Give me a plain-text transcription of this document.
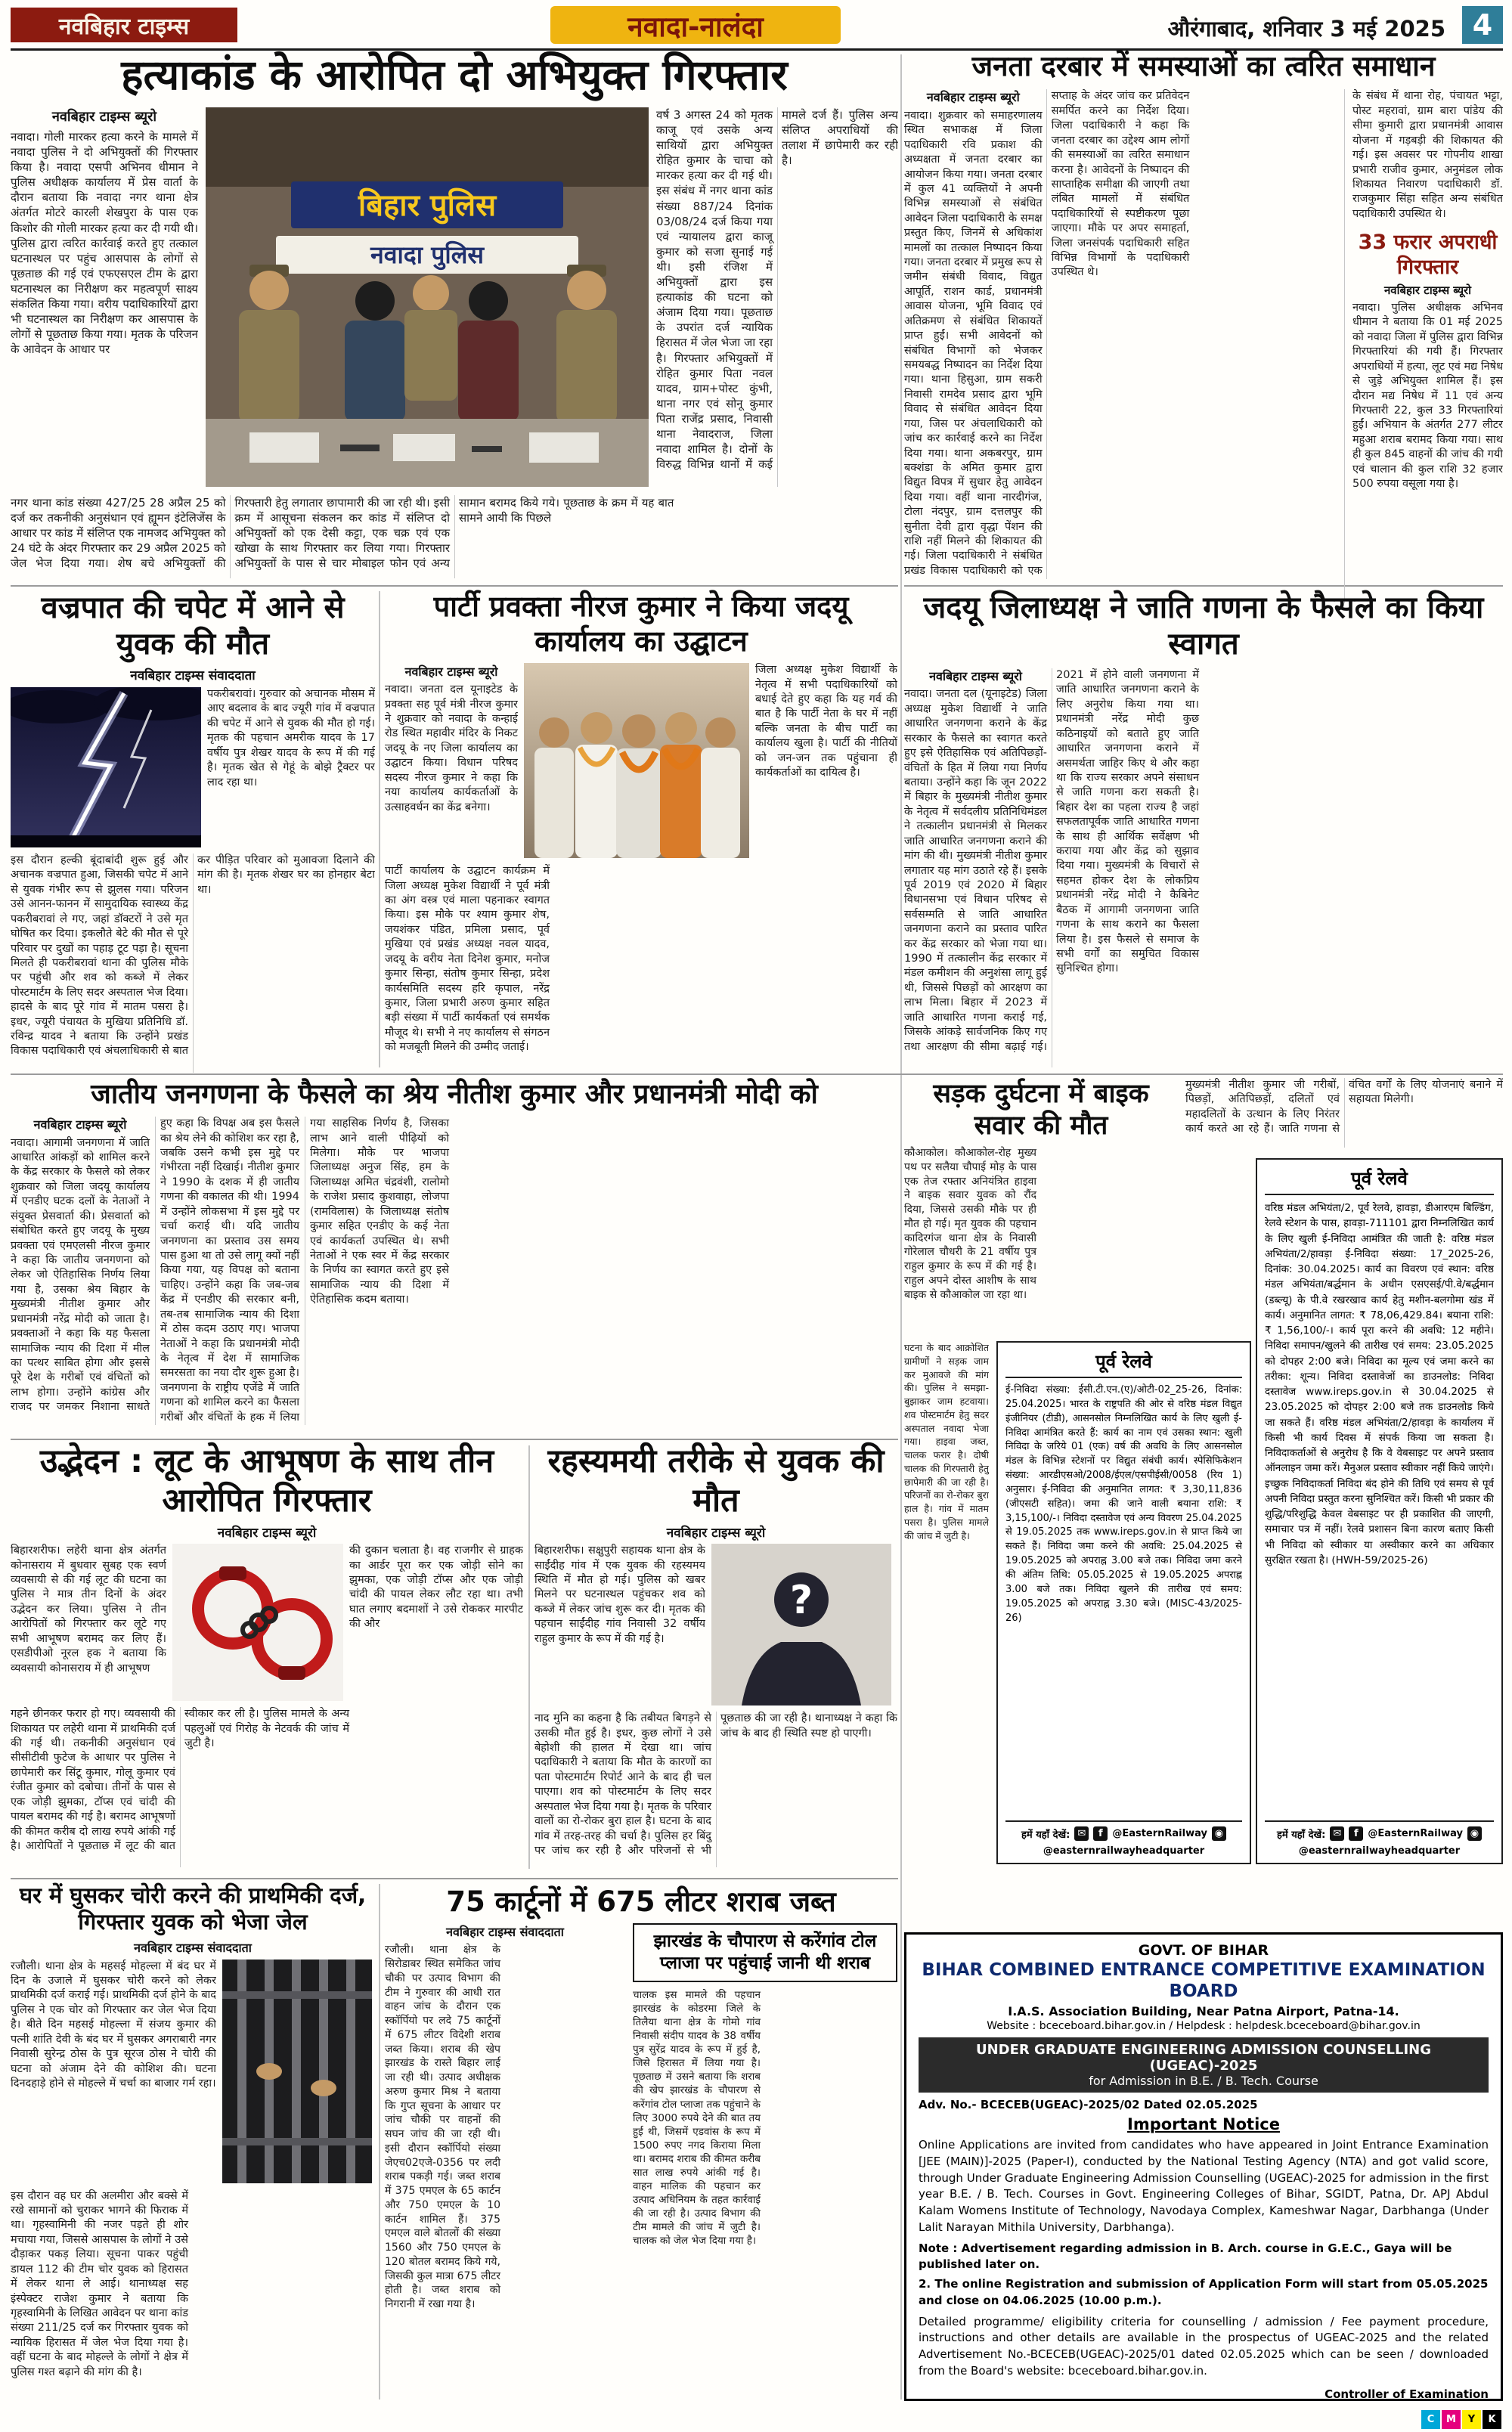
नवबिहार टाइम्स	नवादा-नालंदा	औरंगाबाद, शनिवार 3 मई 2025 4
हत्याकांड के आरोपित दो अभियुक्त गिरफ्तार
नवबिहार टाइम्स ब्यूरो
नवादा। गोली मारकर हत्या करने के मामले में नवादा पुलिस ने दो अभियुक्तों की गिरफ्तार किया है। नवादा एसपी अभिनव धीमान ने पुलिस अधीक्षक कार्यालय में प्रेस वार्ता के दौरान बताया कि नवादा नगर थाना क्षेत्र अंतर्गत मोटरे कारली शेखपुरा के पास एक किशोर की गोली मारकर हत्या कर दी गयी थी। पुलिस द्वारा त्वरित कार्रवाई करते हुए तत्काल घटनास्थल पर पहुंच आसपास के लोगों से पूछताछ की गई एवं एफएसएल टीम के द्वारा घटनास्थल का निरीक्षण कर महत्वपूर्ण साक्ष्य संकलित किया गया। वरीय पदाधिकारियों द्वारा भी घटनास्थल का निरीक्षण कर आसपास के लोगों से पूछताछ किया गया। मृतक के परिजन के आवेदन के आधार पर
बिहार पुलिस
नवादा पुलिस
वर्ष 3 अगस्त 24 को मृतक काजू एवं उसके अन्य साथियों द्वारा अभियुक्त रोहित कुमार के चाचा को मारकर हत्या कर दी गई थी। इस संबंध में नगर थाना कांड संख्या 887/24 दिनांक 03/08/24 दर्ज किया गया एवं न्यायालय द्वारा काजू कुमार को सजा सुनाई गई थी। इसी रंजिश में अभियुक्तों द्वारा इस हत्याकांड की घटना को अंजाम दिया गया। पूछताछ के उपरांत दर्ज न्यायिक हिरासत में जेल भेजा जा रहा है। गिरफ्तार अभियुक्तों में रोहित कुमार पिता नवल यादव, ग्राम+पोस्ट कुंभी, थाना नगर एवं सोनू कुमार पिता राजेंद्र प्रसाद, निवासी थाना नेवादराज, जिला नवादा शामिल है। दोनों के विरुद्ध विभिन्न थानों में कई मामले दर्ज हैं। पुलिस अन्य संलिप्त अपराधियों की तलाश में छापेमारी कर रही है।
नगर थाना कांड संख्या 427/25 28 अप्रैल 25 को दर्ज कर तकनीकी अनुसंधान एवं ह्यूमन इंटेलिजेंस के आधार पर कांड में संलिप्त एक नामजद अभियुक्त को 24 घंटे के अंदर गिरफ्तार कर 29 अप्रैल 2025 को जेल भेज दिया गया। शेष बचे अभियुक्तों की गिरफ्तारी हेतु लगातार छापामारी की जा रही थी। इसी क्रम में आसूचना संकलन कर कांड में संलिप्त दो अभियुक्तों को एक देसी कट्टा, एक चक्र एवं एक खोखा के साथ गिरफ्तार कर लिया गया। गिरफ्तार अभियुक्तों के पास से चार मोबाइल फोन एवं अन्य सामान बरामद किये गये। पूछताछ के क्रम में यह बात सामने आयी कि पिछले
जनता दरबार में समस्याओं का त्वरित समाधान
नवबिहार टाइम्स ब्यूरो
नवादा। शुक्रवार को समाहरणालय स्थित सभाकक्ष में जिला पदाधिकारी रवि प्रकाश की अध्यक्षता में जनता दरबार का आयोजन किया गया। जनता दरबार में कुल 41 व्यक्तियों ने अपनी विभिन्न समस्याओं से संबंधित आवेदन जिला पदाधिकारी के समक्ष प्रस्तुत किए, जिनमें से अधिकांश मामलों का तत्काल निष्पादन किया गया। जनता दरबार में प्रमुख रूप से जमीन संबंधी विवाद, विद्युत आपूर्ति, राशन कार्ड, प्रधानमंत्री आवास योजना, भूमि विवाद एवं अतिक्रमण से संबंधित शिकायतें प्राप्त हुईं। सभी आवेदनों को संबंधित विभागों को भेजकर समयबद्ध निष्पादन का निर्देश दिया गया। थाना हिसुआ, ग्राम सकरी निवासी रामदेव प्रसाद द्वारा भूमि विवाद से संबंधित आवेदन दिया गया, जिस पर अंचलाधिकारी को जांच कर कार्रवाई करने का निर्देश दिया गया। थाना अकबरपुर, ग्राम बक्शंडा के अमित कुमार द्वारा विद्युत विपत्र में सुधार हेतु आवेदन दिया गया। वहीं थाना नारदीगंज, टोला नंदपुर, ग्राम दत्तलपुर की सुनीता देवी द्वारा वृद्धा पेंशन की राशि नहीं मिलने की शिकायत की गई। जिला पदाधिकारी ने संबंधित प्रखंड विकास पदाधिकारी को एक सप्ताह के अंदर जांच कर प्रतिवेदन समर्पित करने का निर्देश दिया। जिला पदाधिकारी ने कहा कि जनता दरबार का उद्देश्य आम लोगों की समस्याओं का त्वरित समाधान करना है। आवेदनों के निष्पादन की साप्ताहिक समीक्षा की जाएगी तथा लंबित मामलों में संबंधित पदाधिकारियों से स्पष्टीकरण पूछा जाएगा। मौके पर अपर समाहर्ता, जिला जनसंपर्क पदाधिकारी सहित विभिन्न विभागों के पदाधिकारी उपस्थित थे।
के संबंध में थाना रोह, पंचायत भट्टा, पोस्ट महरावां, ग्राम बारा पांडेय की सीमा कुमारी द्वारा प्रधानमंत्री आवास योजना में गड़बड़ी की शिकायत की गई। इस अवसर पर गोपनीय शाखा प्रभारी राजीव कुमार, अनुमंडल लोक शिकायत निवारण पदाधिकारी डॉ. राजकुमार सिंहा सहित अन्य संबंधित पदाधिकारी उपस्थित थे।
33 फरार अपराधी गिरफ्तार
नवबिहार टाइम्स ब्यूरो
नवादा। पुलिस अधीक्षक अभिनव धीमान ने बताया कि 01 मई 2025 को नवादा जिला में पुलिस द्वारा विभिन्न गिरफ्तारियां की गयी हैं। गिरफ्तार अपराधियों में हत्या, लूट एवं मद्य निषेध से जुड़े अभियुक्त शामिल हैं। इस दौरान मद्य निषेध में 11 एवं अन्य गिरफ्तारी 22, कुल 33 गिरफ्तारियां हुईं। अभियान के अंतर्गत 277 लीटर महुआ शराब बरामद किया गया। साथ ही कुल 845 वाहनों की जांच की गयी एवं चालान की कुल राशि 32 हजार 500 रुपया वसूला गया है।
वज्रपात की चपेट में आने से युवक की मौत
नवबिहार टाइम्स संवाददाता
पकरीबरावां। गुरुवार को अचानक मौसम में आए बदलाव के बाद ज्यूरी गांव में वज्रपात की चपेट में आने से युवक की मौत हो गई। मृतक की पहचान अमरीक यादव के 17 वर्षीय पुत्र शेखर यादव के रूप में की गई है। मृतक खेत से गेहूं के बोझे ट्रैक्टर पर लाद रहा था।
इस दौरान हल्की बूंदाबांदी शुरू हुई और अचानक वज्रपात हुआ, जिसकी चपेट में आने से युवक गंभीर रूप से झुलस गया। परिजन उसे आनन-फानन में सामुदायिक स्वास्थ्य केंद्र पकरीबरावां ले गए, जहां डॉक्टरों ने उसे मृत घोषित कर दिया। इकलौते बेटे की मौत से पूरे परिवार पर दुखों का पहाड़ टूट पड़ा है। सूचना मिलते ही पकरीबरावां थाना की पुलिस मौके पर पहुंची और शव को कब्जे में लेकर पोस्टमार्टम के लिए सदर अस्पताल भेज दिया। हादसे के बाद पूरे गांव में मातम पसरा है। इधर, ज्यूरी पंचायत के मुखिया प्रतिनिधि डॉ. रविन्द्र यादव ने बताया कि उन्होंने प्रखंड विकास पदाधिकारी एवं अंचलाधिकारी से बात कर पीड़ित परिवार को मुआवजा दिलाने की मांग की है। मृतक शेखर घर का होनहार बेटा था।
पार्टी प्रवक्ता नीरज कुमार ने किया जदयू कार्यालय का उद्घाटन
नवबिहार टाइम्स ब्यूरो
नवादा। जनता दल यूनाइटेड के प्रवक्ता सह पूर्व मंत्री नीरज कुमार ने शुक्रवार को नवादा के कन्हाई रोड स्थित महावीर मंदिर के निकट जदयू के नए जिला कार्यालय का उद्घाटन किया। विधान परिषद सदस्य नीरज कुमार ने कहा कि नया कार्यालय कार्यकर्ताओं के उत्साहवर्धन का केंद्र बनेगा।
जिला अध्यक्ष मुकेश विद्यार्थी के नेतृत्व में सभी पदाधिकारियों को बधाई देते हुए कहा कि यह गर्व की बात है कि पार्टी नेता के घर में नहीं बल्कि जनता के बीच पार्टी का कार्यालय खुला है। पार्टी की नीतियों को जन-जन तक पहुंचाना ही कार्यकर्ताओं का दायित्व है।
पार्टी कार्यालय के उद्घाटन कार्यक्रम में जिला अध्यक्ष मुकेश विद्यार्थी ने पूर्व मंत्री का अंग वस्त्र एवं माला पहनाकर स्वागत किया। इस मौके पर श्याम कुमार शेष, जयशंकर पंडित, प्रमिला प्रसाद, पूर्व मुखिया एवं प्रखंड अध्यक्ष नवल यादव, जदयू के वरीय नेता दिनेश कुमार, मनोज कुमार सिन्हा, संतोष कुमार सिन्हा, प्रदेश कार्यसमिति सदस्य हरि कृपाल, नरेंद्र कुमार, जिला प्रभारी अरुण कुमार सहित बड़ी संख्या में पार्टी कार्यकर्ता एवं समर्थक मौजूद थे। सभी ने नए कार्यालय से संगठन को मजबूती मिलने की उम्मीद जताई।
जदयू जिलाध्यक्ष ने जाति गणना के फैसले का किया स्वागत
नवबिहार टाइम्स ब्यूरो
नवादा। जनता दल (यूनाइटेड) जिला अध्यक्ष मुकेश विद्यार्थी ने जाति आधारित जनगणना कराने के केंद्र सरकार के फैसले का स्वागत करते हुए इसे ऐतिहासिक एवं अतिपिछड़ों-वंचितों के हित में लिया गया निर्णय बताया। उन्होंने कहा कि जून 2022 में बिहार के मुख्यमंत्री नीतीश कुमार के नेतृत्व में सर्वदलीय प्रतिनिधिमंडल ने तत्कालीन प्रधानमंत्री से मिलकर जाति आधारित जनगणना कराने की मांग की थी। मुख्यमंत्री नीतीश कुमार लगातार यह मांग उठाते रहे हैं। इसके पूर्व 2019 एवं 2020 में बिहार विधानसभा एवं विधान परिषद से सर्वसम्मति से जाति आधारित जनगणना कराने का प्रस्ताव पारित कर केंद्र सरकार को भेजा गया था। 1990 में तत्कालीन केंद्र सरकार में मंडल कमीशन की अनुशंसा लागू हुई थी, जिससे पिछड़ों को आरक्षण का लाभ मिला। बिहार में 2023 में जाति आधारित गणना कराई गई, जिसके आंकड़े सार्वजनिक किए गए तथा आरक्षण की सीमा बढ़ाई गई। 2021 में होने वाली जनगणना में जाति आधारित जनगणना कराने के लिए अनुरोध किया गया था। प्रधानमंत्री नरेंद्र मोदी कुछ कठिनाइयों को बताते हुए जाति आधारित जनगणना कराने में असमर्थता जाहिर किए थे और कहा था कि राज्य सरकार अपने संसाधन से जाति गणना करा सकती है। बिहार देश का पहला राज्य है जहां सफलतापूर्वक जाति आधारित गणना के साथ ही आर्थिक सर्वेक्षण भी कराया गया और केंद्र को सुझाव दिया गया। मुख्यमंत्री के विचारों से सहमत होकर देश के लोकप्रिय प्रधानमंत्री नरेंद्र मोदी ने कैबिनेट बैठक में आगामी जनगणना जाति गणना के साथ कराने का फैसला लिया है। इस फैसले से समाज के सभी वर्गों का समुचित विकास सुनिश्चित होगा।
मुख्यमंत्री नीतीश कुमार जी गरीबों, पिछड़ों, अतिपिछड़ों, दलितों एवं महादलितों के उत्थान के लिए निरंतर कार्य करते आ रहे हैं। जाति गणना से वंचित वर्गों के लिए योजनाएं बनाने में सहायता मिलेगी।
जातीय जनगणना के फैसले का श्रेय नीतीश कुमार और प्रधानमंत्री मोदी को
नवबिहार टाइम्स ब्यूरो
नवादा। आगामी जनगणना में जाति आधारित आंकड़ों को शामिल करने के केंद्र सरकार के फैसले को लेकर शुक्रवार को जिला जदयू कार्यालय में एनडीए घटक दलों के नेताओं ने संयुक्त प्रेसवार्ता की। प्रेसवार्ता को संबोधित करते हुए जदयू के मुख्य प्रवक्ता एवं एमएलसी नीरज कुमार ने कहा कि जातीय जनगणना को लेकर जो ऐतिहासिक निर्णय लिया गया है, उसका श्रेय बिहार के मुख्यमंत्री नीतीश कुमार और प्रधानमंत्री नरेंद्र मोदी को जाता है। प्रवक्ताओं ने कहा कि यह फैसला सामाजिक न्याय की दिशा में मील का पत्थर साबित होगा और इससे पूरे देश के गरीबों एवं वंचितों को लाभ होगा। उन्होंने कांग्रेस और राजद पर जमकर निशाना साधते हुए कहा कि विपक्ष अब इस फैसले का श्रेय लेने की कोशिश कर रहा है, जबकि उसने कभी इस मुद्दे पर गंभीरता नहीं दिखाई। नीतीश कुमार ने 1990 के दशक में ही जातीय गणना की वकालत की थी। 1994 में उन्होंने लोकसभा में इस मुद्दे पर चर्चा कराई थी। यदि जातीय जनगणना का प्रस्ताव उस समय पास हुआ था तो उसे लागू क्यों नहीं किया गया, यह विपक्ष को बताना चाहिए। उन्होंने कहा कि जब-जब केंद्र में एनडीए की सरकार बनी, तब-तब सामाजिक न्याय की दिशा में ठोस कदम उठाए गए। भाजपा नेताओं ने कहा कि प्रधानमंत्री मोदी के नेतृत्व में देश में सामाजिक समरसता का नया दौर शुरू हुआ है। जनगणना के राष्ट्रीय एजेंडे में जाति गणना को शामिल करने का फैसला गरीबों और वंचितों के हक में लिया गया साहसिक निर्णय है, जिसका लाभ आने वाली पीढ़ियों को मिलेगा। मौके पर भाजपा जिलाध्यक्ष अनुज सिंह, हम के जिलाध्यक्ष अमित चंद्रवंशी, रालोमो के राजेश प्रसाद कुशवाहा, लोजपा (रामविलास) के जिलाध्यक्ष संतोष कुमार सहित एनडीए के कई नेता एवं कार्यकर्ता उपस्थित थे। सभी नेताओं ने एक स्वर में केंद्र सरकार के निर्णय का स्वागत करते हुए इसे सामाजिक न्याय की दिशा में ऐतिहासिक कदम बताया।
सड़क दुर्घटना में बाइक सवार की मौत
कौआकोल। कौआकोल-रोह मुख्य पथ पर सलैया चौपाई मोड़ के पास एक तेज रफ्तार अनियंत्रित हाइवा ने बाइक सवार युवक को रौंद दिया, जिससे उसकी मौके पर ही मौत हो गई। मृत युवक की पहचान कादिरगंज थाना क्षेत्र के निवासी गोरेलाल चौधरी के 21 वर्षीय पुत्र राहुल कुमार के रूप में की गई है। राहुल अपने दोस्त आशीष के साथ बाइक से कौआकोल जा रहा था।
घटना के बाद आक्रोशित ग्रामीणों ने सड़क जाम कर मुआवजे की मांग की। पुलिस ने समझा-बुझाकर जाम हटवाया। शव पोस्टमार्टम हेतु सदर अस्पताल नवादा भेजा गया। हाइवा जब्त, चालक फरार है। दोषी चालक की गिरफ्तारी हेतु छापेमारी की जा रही है। परिजनों का रो-रोकर बुरा हाल है। गांव में मातम पसरा है। पुलिस मामले की जांच में जुटी है।
पूर्व रेलवे
ई-निविदा संख्या: ईसी.टी.एन.(ए)/ओटी-02_25-26, दिनांक: 25.04.2025। भारत के राष्ट्रपति की ओर से वरिष्ठ मंडल विद्युत इंजीनियर (टीडी), आसनसोल निम्नलिखित कार्य के लिए खुली ई-निविदा आमंत्रित करते हैं: कार्य का नाम एवं उसका स्थान: खुली निविदा के जरिये 01 (एक) वर्ष की अवधि के लिए आसनसोल मंडल के विभिन्न स्टेशनों पर विद्युत संबंधी कार्य। स्पेसिफिकेशन संख्या: आरडीएसओ/2008/ईएल/एसपीईसी/0058 (रिव 1) अनुसार। ई-निविदा की अनुमानित लागत: ₹ 3,30,11,836 (जीएसटी सहित)। जमा की जाने वाली बयाना राशि: ₹ 3,15,100/-। निविदा दस्तावेज एवं अन्य विवरण 25.04.2025 से 19.05.2025 तक www.ireps.gov.in से प्राप्त किये जा सकते हैं। निविदा जमा करने की अवधि: 25.04.2025 से 19.05.2025 को अपराह्न 3.00 बजे तक। निविदा जमा करने की अंतिम तिथि: 05.05.2025 से 19.05.2025 अपराह्न 3.00 बजे तक। निविदा खुलने की तारीख एवं समय: 19.05.2025 को अपराह्न 3.30 बजे। (MISC-43/2025-26)
हमें यहाँ देखें: ✉	f @EasternRailway ◉
@easternrailwayheadquarter
पूर्व रेलवे
वरिष्ठ मंडल अभियंता/2, पूर्व रेलवे, हावड़ा, डीआरएम बिल्डिंग, रेलवे स्टेशन के पास, हावड़ा-711101 द्वारा निम्नलिखित कार्य के लिए खुली ई-निविदा आमंत्रित की जाती है: वरिष्ठ मंडल अभियंता/2/हावड़ा ई-निविदा संख्या: 17_2025-26, दिनांक: 30.04.2025। कार्य का विवरण एवं स्थान: वरिष्ठ मंडल अभियंता/बर्द्धमान के अधीन एसएसई/पी.वे/बर्द्धमान (डब्ल्यू) के पी.वे रखरखाव कार्य हेतु मशीन-बलगोमा खंड में कार्य। अनुमानित लागत: ₹ 78,06,429.84। बयाना राशि: ₹ 1,56,100/-। कार्य पूरा करने की अवधि: 12 महीने। निविदा समापन/खुलने की तारीख एवं समय: 23.05.2025 को दोपहर 2:00 बजे। निविदा का मूल्य एवं जमा करने का तरीका: शून्य। निविदा दस्तावेजों का डाउनलोड: निविदा दस्तावेज www.ireps.gov.in से 30.04.2025 से 23.05.2025 को दोपहर 2:00 बजे तक डाउनलोड किये जा सकते हैं। वरिष्ठ मंडल अभियंता/2/हावड़ा के कार्यालय में किसी भी कार्य दिवस में संपर्क किया जा सकता है। निविदाकर्ताओं से अनुरोध है कि वे वेबसाइट पर अपने प्रस्ताव ऑनलाइन जमा करें। मैनुअल प्रस्ताव स्वीकार नहीं किये जाएंगे। इच्छुक निविदाकर्ता निविदा बंद होने की तिथि एवं समय से पूर्व अपनी निविदा प्रस्तुत करना सुनिश्चित करें। किसी भी प्रकार की शुद्धि/परिशुद्धि केवल वेबसाइट पर ही प्रकाशित की जाएगी, समाचार पत्र में नहीं। रेलवे प्रशासन बिना कारण बताए किसी भी निविदा को स्वीकार या अस्वीकार करने का अधिकार सुरक्षित रखता है। (HWH-59/2025-26)
हमें यहाँ देखें: ✉	f @EasternRailway ◉
@easternrailwayheadquarter
उद्भेदन : लूट के आभूषण के साथ तीन आरोपित गिरफ्तार
नवबिहार टाइम्स ब्यूरो
बिहारशरीफ। लहेरी थाना क्षेत्र अंतर्गत कोनासराय में बुधवार सुबह एक स्वर्ण व्यवसायी से की गई लूट की घटना का पुलिस ने मात्र तीन दिनों के अंदर उद्भेदन कर लिया। पुलिस ने तीन आरोपितों को गिरफ्तार कर लूटे गए सभी आभूषण बरामद कर लिए हैं। एसडीपीओ नूरल हक ने बताया कि व्यवसायी कोनासराय में ही आभूषण
की दुकान चलाता है। वह राजगीर से ग्राहक का आर्डर पूरा कर एक जोड़ी सोने का झुमका, एक जोड़ी टॉप्स और एक जोड़ी चांदी की पायल लेकर लौट रहा था। तभी घात लगाए बदमाशों ने उसे रोककर मारपीट की और
गहने छीनकर फरार हो गए। व्यवसायी की शिकायत पर लहेरी थाना में प्राथमिकी दर्ज की गई थी। तकनीकी अनुसंधान एवं सीसीटीवी फुटेज के आधार पर पुलिस ने छापेमारी कर सिंटू कुमार, गोलू कुमार एवं रंजीत कुमार को दबोचा। तीनों के पास से एक जोड़ी झुमका, टॉप्स एवं चांदी की पायल बरामद की गई है। बरामद आभूषणों की कीमत करीब दो लाख रुपये आंकी गई है। आरोपितों ने पूछताछ में लूट की बात स्वीकार कर ली है। पुलिस मामले के अन्य पहलुओं एवं गिरोह के नेटवर्क की जांच में जुटी है।
रहस्यमयी तरीके से युवक की मौत
नवबिहार टाइम्स ब्यूरो
बिहारशरीफ। सक्षुपुरी सहायक थाना क्षेत्र के साईंदीह गांव में एक युवक की रहस्यमय स्थिति में मौत हो गई। पुलिस को खबर मिलने पर घटनास्थल पहुंचकर शव को कब्जे में लेकर जांच शुरू कर दी। मृतक की पहचान साईंदीह गांव निवासी 32 वर्षीय राहुल कुमार के रूप में की गई है।
?
नाद मुनि का कहना है कि तबीयत बिगड़ने से उसकी मौत हुई है। इधर, कुछ लोगों ने उसे बेहोशी की हालत में देखा था। जांच पदाधिकारी ने बताया कि मौत के कारणों का पता पोस्टमार्टम रिपोर्ट आने के बाद ही चल पाएगा। शव को पोस्टमार्टम के लिए सदर अस्पताल भेज दिया गया है। मृतक के परिवार वालों का रो-रोकर बुरा हाल है। घटना के बाद गांव में तरह-तरह की चर्चा है। पुलिस हर बिंदु पर जांच कर रही है और परिजनों से भी पूछताछ की जा रही है। थानाध्यक्ष ने कहा कि जांच के बाद ही स्थिति स्पष्ट हो पाएगी।
घर में घुसकर चोरी करने की प्राथमिकी दर्ज, गिरफ्तार युवक को भेजा जेल
नवबिहार टाइम्स संवाददाता
रजौली। थाना क्षेत्र के महसई मोहल्ला में बंद घर में दिन के उजाले में घुसकर चोरी करने को लेकर प्राथमिकी दर्ज कराई गई। प्राथमिकी दर्ज होने के बाद पुलिस ने एक चोर को गिरफ्तार कर जेल भेज दिया है। बीते दिन महसई मोहल्ला में संजय कुमार की पत्नी शांति देवी के बंद घर में घुसकर अगराबारी नगर निवासी सुरेन्द्र ठोस के पुत्र सूरज ठोस ने चोरी की घटना को अंजाम देने की कोशिश की। घटना दिनदहाड़े होने से मोहल्ले में चर्चा का बाजार गर्म रहा।
इस दौरान वह घर की अलमीरा और बक्से में रखे सामानों को चुराकर भागने की फिराक में था। गृहस्वामिनी की नजर पड़ते ही शोर मचाया गया, जिससे आसपास के लोगों ने उसे दौड़ाकर पकड़ लिया। सूचना पाकर पहुंची डायल 112 की टीम चोर युवक को हिरासत में लेकर थाना ले आई। थानाध्यक्ष सह इंस्पेक्टर राजेश कुमार ने बताया कि गृहस्वामिनी के लिखित आवेदन पर थाना कांड संख्या 211/25 दर्ज कर गिरफ्तार युवक को न्यायिक हिरासत में जेल भेज दिया गया है। वहीं घटना के बाद मोहल्ले के लोगों ने क्षेत्र में पुलिस गश्त बढ़ाने की मांग की है।
75 कार्टूनों में 675 लीटर शराब जब्त
नवबिहार टाइम्स संवाददाता
रजौली। थाना क्षेत्र के सिरोडाबर स्थित समेकित जांच चौकी पर उत्पाद विभाग की टीम ने गुरुवार की आधी रात वाहन जांच के दौरान एक स्कॉर्पियो पर लदे 75 कार्टूनों में 675 लीटर विदेशी शराब जब्त किया। शराब की खेप झारखंड के रास्ते बिहार लाई जा रही थी। उत्पाद अधीक्षक अरुण कुमार मिश्र ने बताया कि गुप्त सूचना के आधार पर जांच चौकी पर वाहनों की सघन जांच की जा रही थी। इसी दौरान स्कॉर्पियो संख्या जेएच02एजे-0356 पर लदी शराब पकड़ी गई। जब्त शराब में 375 एमएल के 65 कार्टन और 750 एमएल के 10 कार्टन शामिल हैं। 375 एमएल वाले बोतलों की संख्या 1560 और 750 एमएल के 120 बोतल बरामद किये गये, जिसकी कुल मात्रा 675 लीटर होती है। जब्त शराब को निगरानी में रखा गया है।
झारखंड के चौपारण से करेंगांव टोल प्लाजा पर पहुंचाई जानी थी शराब
चालक इस मामले की पहचान झारखंड के कोडरमा जिले के तिलैया थाना क्षेत्र के गोमो गांव निवासी संदीप यादव के 38 वर्षीय पुत्र सुरेंद्र यादव के रूप में हुई है, जिसे हिरासत में लिया गया है। पूछताछ में उसने बताया कि शराब की खेप झारखंड के चौपारण से करेंगांव टोल प्लाजा तक पहुंचाने के लिए 3000 रुपये देने की बात तय हुई थी, जिसमें एडवांस के रूप में 1500 रुपए नगद किराया मिला था। बरामद शराब की कीमत करीब सात लाख रुपये आंकी गई है। वाहन मालिक की पहचान कर उत्पाद अधिनियम के तहत कार्रवाई की जा रही है। उत्पाद विभाग की टीम मामले की जांच में जुटी है। चालक को जेल भेज दिया गया है।
GOVT. OF BIHAR
BIHAR COMBINED ENTRANCE COMPETITIVE EXAMINATION BOARD
I.A.S. Association Building, Near Patna Airport, Patna-14.
Website : bceceboard.bihar.gov.in / Helpdesk : helpdesk.bceceboard@bihar.gov.in
UNDER GRADUATE ENGINEERING ADMISSION COUNSELLING (UGEAC)-2025
for Admission in B.E. / B. Tech. Course
Adv. No.- BCECEB(UGEAC)-2025/02 Dated 02.05.2025
Important Notice
Online Applications are invited from candidates who have appeared in Joint Entrance Examination [JEE (MAIN)]-2025 (Paper-I), conducted by the National Testing Agency (NTA) and got valid score, through Under Graduate Engineering Admission Counselling (UGEAC)-2025 for admission in the first year B.E. / B. Tech. Courses in Govt. Engineering Colleges of Bihar, SGIDT, Patna, Dr. APJ Abdul Kalam Womens Institute of Technology, Navodaya Complex, Kameshwar Nagar, Darbhanga (Under Lalit Narayan Mithila University, Darbhanga).
Note : Advertisement regarding admission in B. Arch. course in G.E.C., Gaya will be published later on.
2. The online Registration and submission of Application Form will start from 05.05.2025 and close on 04.06.2025 (10.00 p.m.).
Detailed programme/ eligibility criteria for counselling / admission / Fee payment procedure, instructions and other details are available in the prospectus of UGEAC-2025 and the related Advertisement No.-BCECEB(UGEAC)-2025/01 dated 02.05.2025 which can be seen / downloaded from the Board's website: bceceboard.bihar.gov.in.
Controller of Examination
C	M	Y	K
